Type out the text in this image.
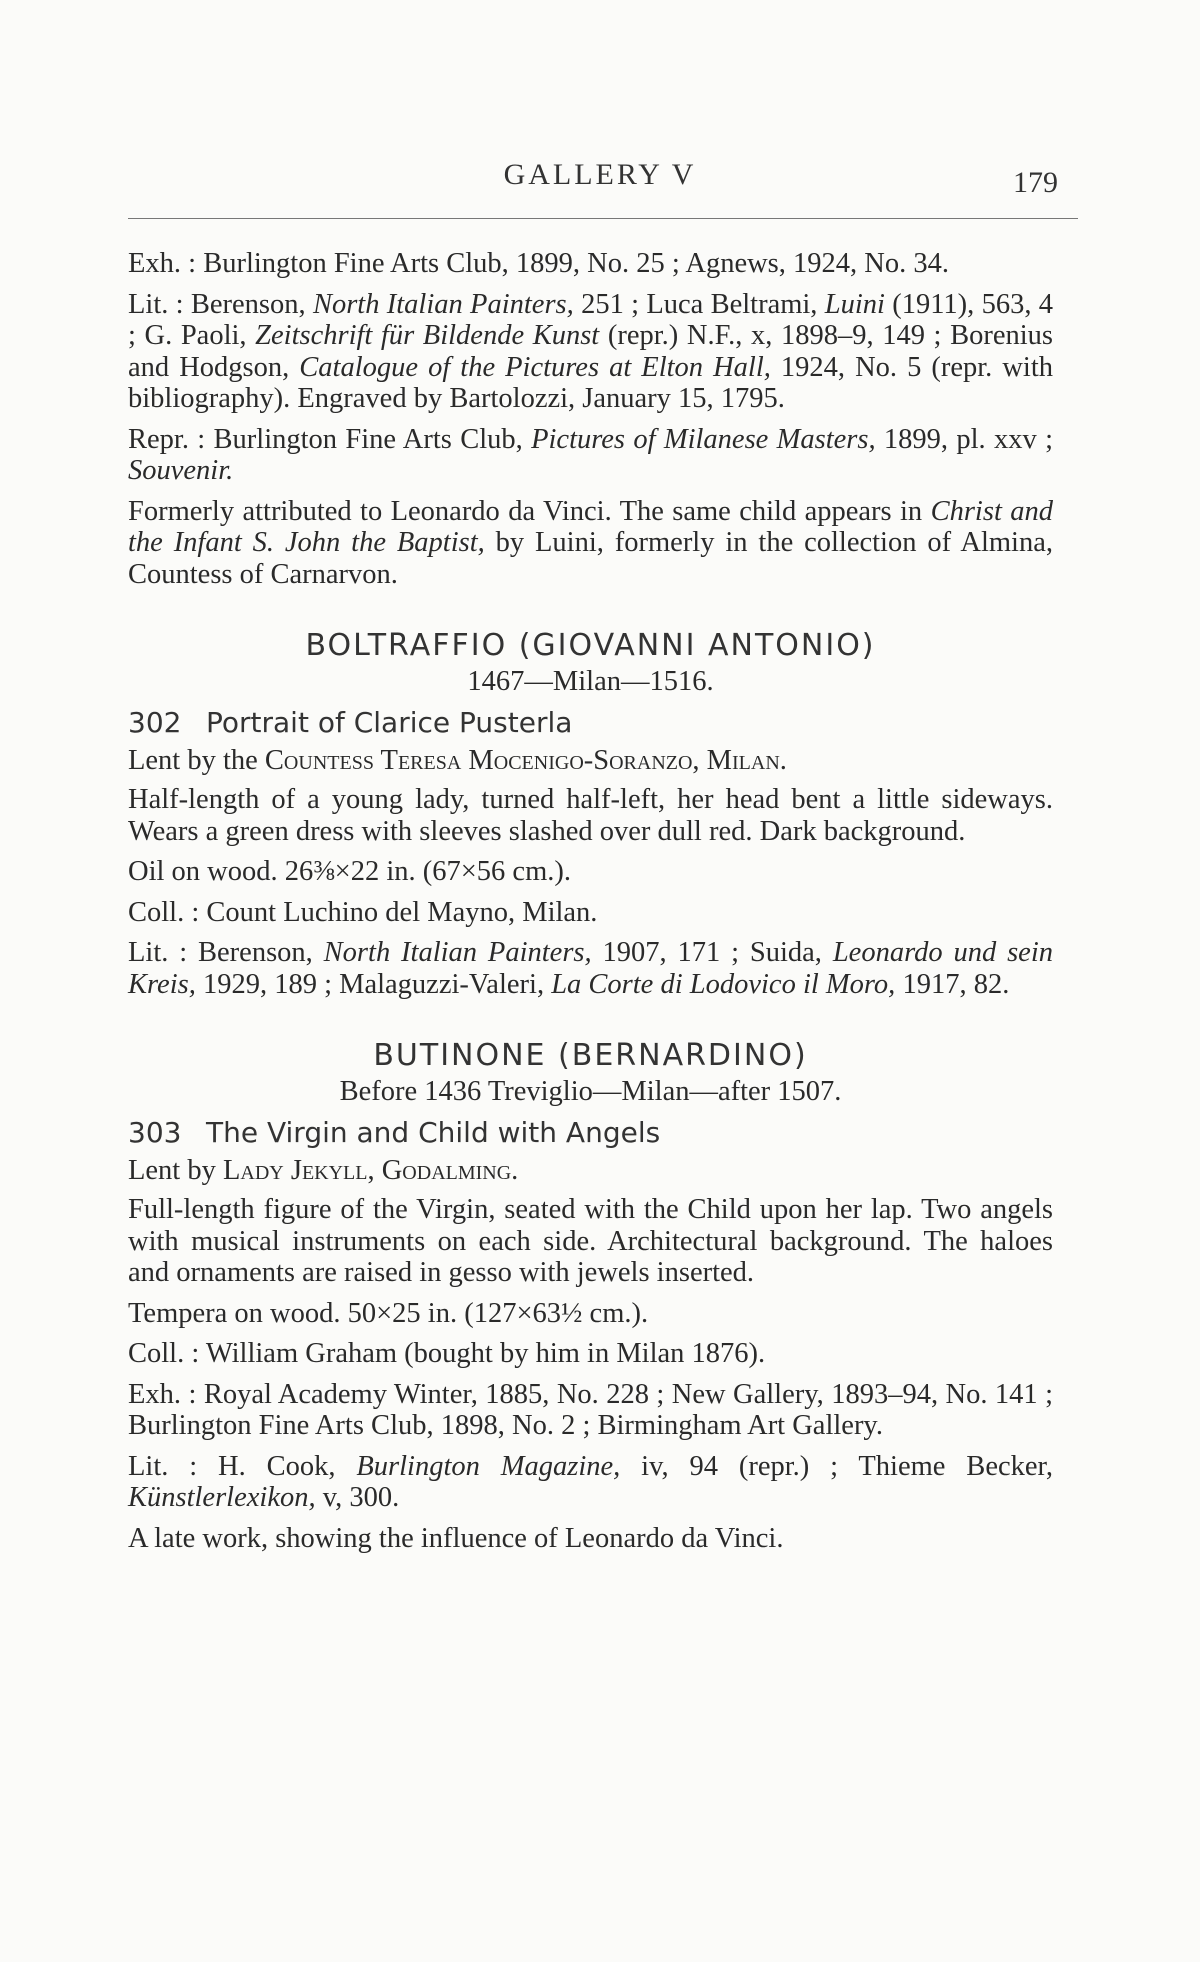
GALLERY V	179

Exh. : Burlington Fine Arts Club, 1899, No. 25 ; Agnews, 1924, No. 34.

Lit. : Berenson, North Italian Painters, 251 ; Luca Beltrami, Luini (1911), 563, 4 ; G. Paoli, Zeitschrift für Bildende Kunst (repr.) N.F., x, 1898–9, 149 ; Borenius and Hodgson, Catalogue of the Pictures at Elton Hall, 1924, No. 5 (repr. with bibliography). Engraved by Bartolozzi, January 15, 1795.

Repr. : Burlington Fine Arts Club, Pictures of Milanese Masters, 1899, pl. xxv ; Souvenir.

Formerly attributed to Leonardo da Vinci. The same child appears in Christ and the Infant S. John the Baptist, by Luini, formerly in the collection of Almina, Countess of Carnarvon.

BOLTRAFFIO (GIOVANNI ANTONIO)
1467—Milan—1516.
302 Portrait of Clarice Pusterla

Lent by the Countess Teresa Mocenigo-Soranzo, Milan.

Half-length of a young lady, turned half-left, her head bent a little sideways. Wears a green dress with sleeves slashed over dull red. Dark background.

Oil on wood. 26⅜×22 in. (67×56 cm.).

Coll. : Count Luchino del Mayno, Milan.

Lit. : Berenson, North Italian Painters, 1907, 171 ; Suida, Leonardo und sein Kreis, 1929, 189 ; Malaguzzi-Valeri, La Corte di Lodovico il Moro, 1917, 82.

BUTINONE (BERNARDINO)
Before 1436 Treviglio—Milan—after 1507.
303 The Virgin and Child with Angels

Lent by Lady Jekyll, Godalming.

Full-length figure of the Virgin, seated with the Child upon her lap. Two angels with musical instruments on each side. Architectural background. The haloes and ornaments are raised in gesso with jewels inserted.

Tempera on wood. 50×25 in. (127×63½ cm.).

Coll. : William Graham (bought by him in Milan 1876).

Exh. : Royal Academy Winter, 1885, No. 228 ; New Gallery, 1893–94, No. 141 ; Burlington Fine Arts Club, 1898, No. 2 ; Birmingham Art Gallery.

Lit. : H. Cook, Burlington Magazine, iv, 94 (repr.) ; Thieme Becker, Künstlerlexikon, v, 300.

A late work, showing the influence of Leonardo da Vinci.
